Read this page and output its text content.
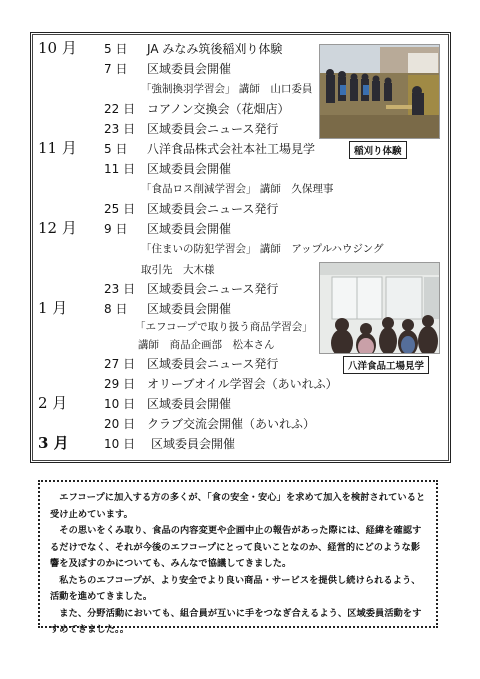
10 月 5 日 JA みなみ筑後稲刈り体験
7 日 区域委員会開催
「強制換羽学習会」 講師　山口委員
22 日 コアノン交換会（花畑店）
23 日 区域委員会ニュース発行
11 月 5 日 八洋食品株式会社本社工場見学
11 日 区域委員会開催
「食品ロス削減学習会」 講師　久保理事
25 日 区域委員会ニュース発行
12 月 9 日 区域委員会開催
「住まいの防犯学習会」 講師　アップルハウジング
取引先　大木様
23 日 区域委員会ニュース発行
1 月	8 日 区域委員会開催
「エフコープで取り扱う商品学習会」
講師　商品企画部　松本さん
27 日 区域委員会ニュース発行
29 日 オリーブオイル学習会（あいれふ）
2 月	10 日 区域委員会開催
20 日 クラブ交流会開催（あいれふ）
3 月	10 日 区域委員会開催
稲刈り体験
八洋食品工場見学

　エフコープに加入する方の多くが、「食の安全・安心」を求めて加入を検討されていると受け止めています。

　その思いをくみ取り、食品の内容変更や企画中止の報告があった際には、経緯を確認するだけでなく、それが今後のエフコープにとって良いことなのか、経営的にどのような影響を及ぼすのかについても、みんなで協議してきました。

　私たちのエフコープが、より安全でより良い商品・サービスを提供し続けられるよう、活動を進めてきました。

　また、分野活動においても、組合員が互いに手をつなぎ合えるよう、区域委員活動をすすめてきました。。
